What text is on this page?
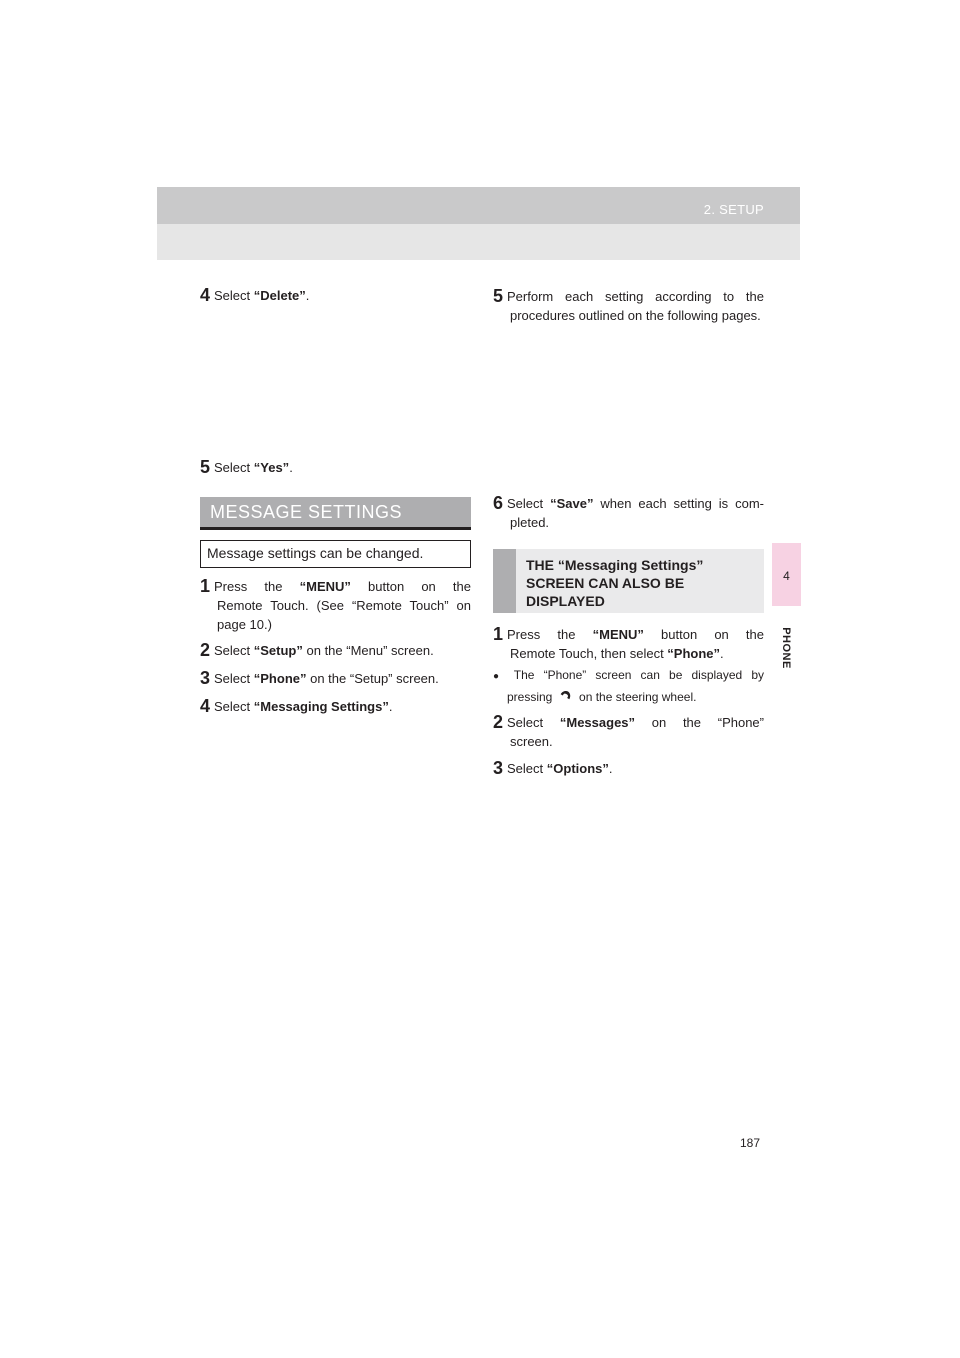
2. SETUP
4
PHONE
4 Select “Delete”.
5 Select “Yes”.
MESSAGE SETTINGS
Message settings can be changed.
1 Press the “MENU” button on the
Remote Touch. (See “Remote Touch” on page 10.)
2 Select “Setup” on the “Menu” screen.
3 Select “Phone” on the “Setup” screen.
4 Select “Messaging Settings”.
5 Perform each setting according to the
procedures outlined on the following pages.
6 Select “Save” when each setting is com-
pleted.
THE “Messaging Settings”
SCREEN CAN ALSO BE
DISPLAYED
1 Press the “MENU” button on the
Remote Touch, then select “Phone”.
● The “Phone” screen can be displayed by
pressing  on the steering wheel.
2 Select “Messages” on the “Phone”
screen.
3 Select “Options”.
187
